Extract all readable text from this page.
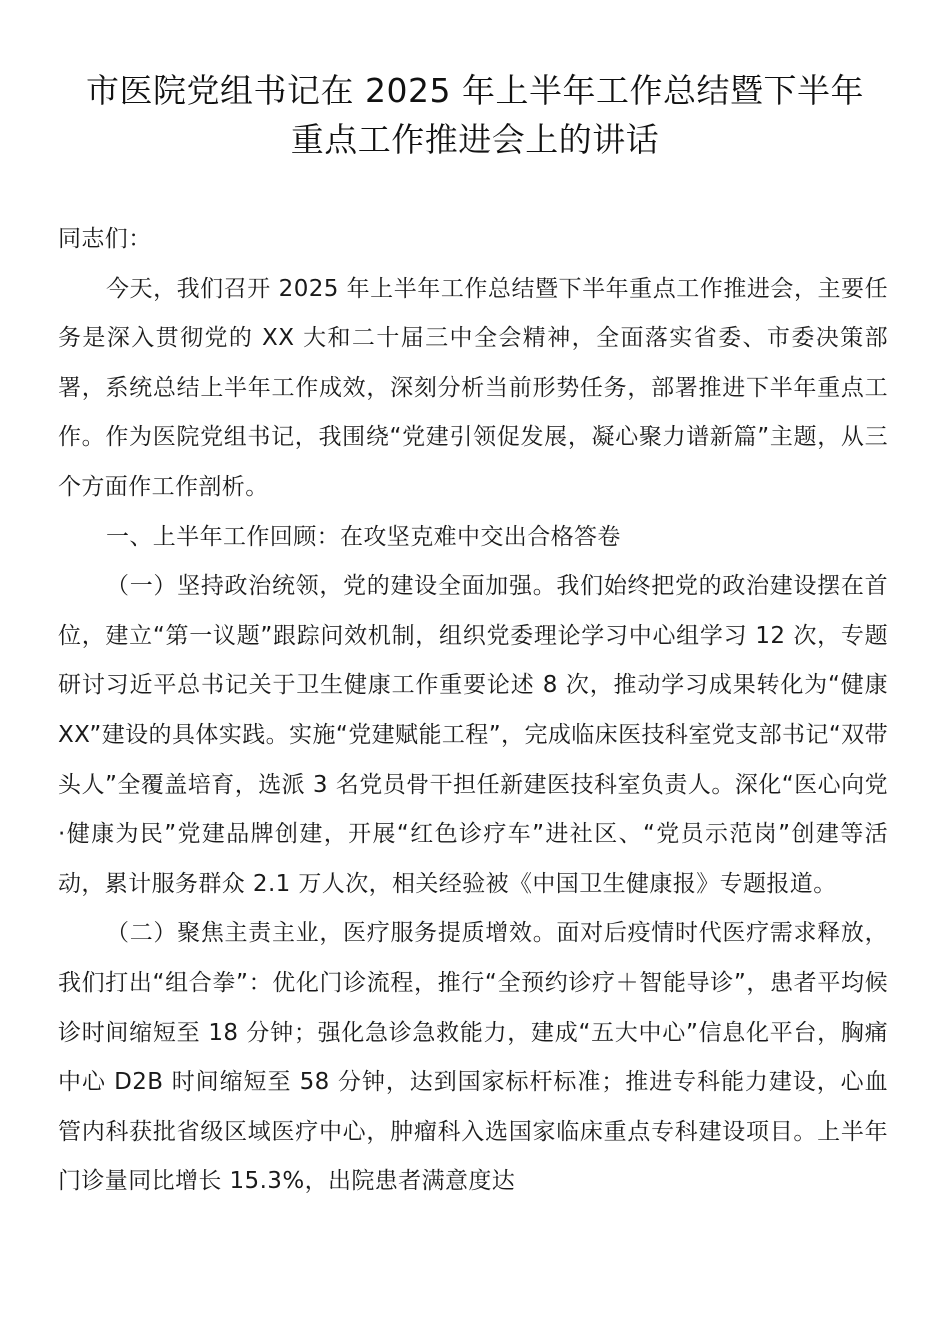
市医院党组书记在 2025 年上半年工作总结暨下半年
重点工作推进会上的讲话

同志们：

今天，我们召开 2025 年上半年工作总结暨下半年重点工作推进会，主要任务是深入贯彻党的 XX 大和二十届三中全会精神，全面落实省委、市委决策部署，系统总结上半年工作成效，深刻分析当前形势任务，部署推进下半年重点工作。作为医院党组书记，我围绕“党建引领促发展，凝心聚力谱新篇”主题，从三个方面作工作剖析。

一、上半年工作回顾：在攻坚克难中交出合格答卷

（一）坚持政治统领，党的建设全面加强。我们始终把党的政治建设摆在首位，建立“第一议题”跟踪问效机制，组织党委理论学习中心组学习 12 次，专题研讨习近平总书记关于卫生健康工作重要论述 8 次，推动学习成果转化为“健康 XX”建设的具体实践。实施“党建赋能工程”，完成临床医技科室党支部书记“双带头人”全覆盖培育，选派 3 名党员骨干担任新建医技科室负责人。深化“医心向党·健康为民”党建品牌创建，开展“红色诊疗车”进社区、“党员示范岗”创建等活动，累计服务群众 2.1 万人次，相关经验被《中国卫生健康报》专题报道。

（二）聚焦主责主业，医疗服务提质增效。面对后疫情时代医疗需求释放，我们打出“组合拳”：优化门诊流程，推行“全预约诊疗＋智能导诊”，患者平均候诊时间缩短至 18 分钟；强化急诊急救能力，建成“五大中心”信息化平台，胸痛中心 D2B 时间缩短至 58 分钟，达到国家标杆标准；推进专科能力建设，心血管内科获批省级区域医疗中心，肿瘤科入选国家临床重点专科建设项目。上半年门诊量同比增长 15.3%，出院患者满意度达
